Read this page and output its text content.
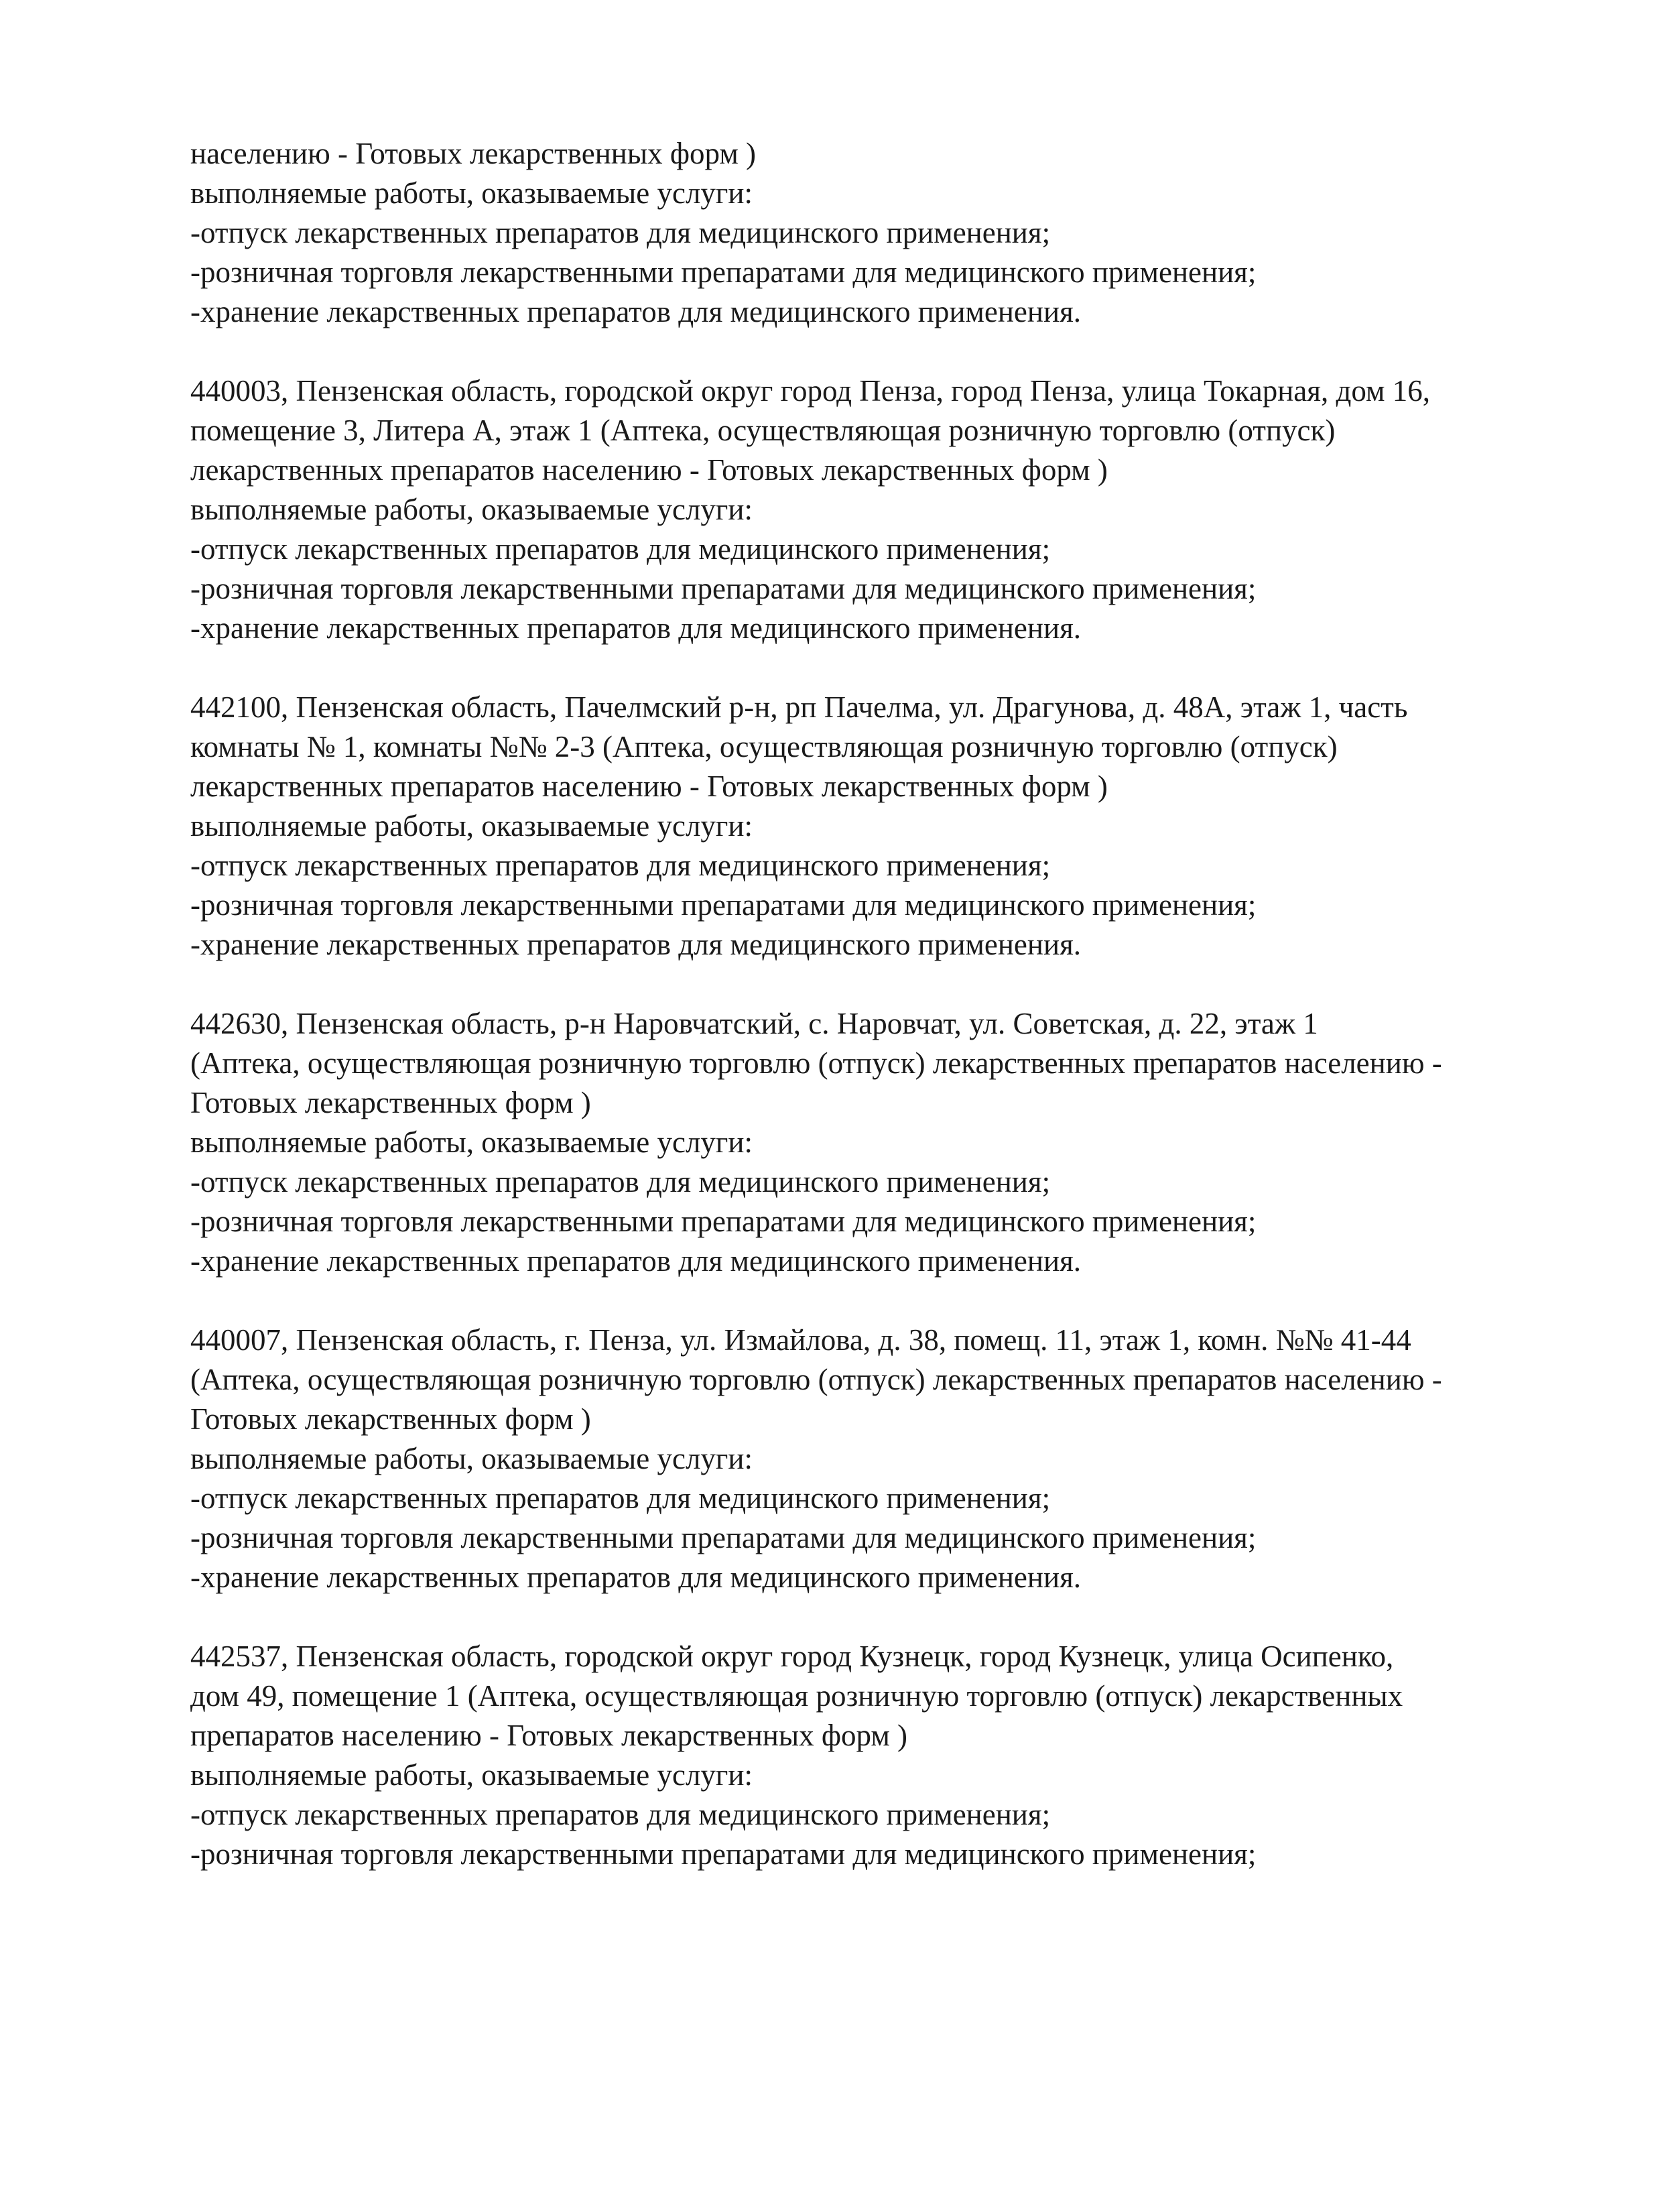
населению - Готовых лекарственных форм )
выполняемые работы, оказываемые услуги:
-отпуск лекарственных препаратов для медицинского применения;
-розничная торговля лекарственными препаратами для медицинского применения;
-хранение лекарственных препаратов для медицинского применения.
440003, Пензенская область, городской округ город Пенза, город Пенза, улица Токарная, дом 16,
помещение 3, Литера А, этаж 1 (Аптека, осуществляющая розничную торговлю (отпуск)
лекарственных препаратов населению - Готовых лекарственных форм )
выполняемые работы, оказываемые услуги:
-отпуск лекарственных препаратов для медицинского применения;
-розничная торговля лекарственными препаратами для медицинского применения;
-хранение лекарственных препаратов для медицинского применения.
442100, Пензенская область, Пачелмский р-н, рп Пачелма, ул. Драгунова, д. 48А, этаж 1, часть
комнаты № 1, комнаты №№ 2-3 (Аптека, осуществляющая розничную торговлю (отпуск)
лекарственных препаратов населению - Готовых лекарственных форм )
выполняемые работы, оказываемые услуги:
-отпуск лекарственных препаратов для медицинского применения;
-розничная торговля лекарственными препаратами для медицинского применения;
-хранение лекарственных препаратов для медицинского применения.
442630, Пензенская область, р-н Наровчатский, с. Наровчат, ул. Советская, д. 22, этаж 1
(Аптека, осуществляющая розничную торговлю (отпуск) лекарственных препаратов населению -
Готовых лекарственных форм )
выполняемые работы, оказываемые услуги:
-отпуск лекарственных препаратов для медицинского применения;
-розничная торговля лекарственными препаратами для медицинского применения;
-хранение лекарственных препаратов для медицинского применения.
440007, Пензенская область, г. Пенза, ул. Измайлова, д. 38, помещ. 11, этаж 1, комн. №№ 41-44
(Аптека, осуществляющая розничную торговлю (отпуск) лекарственных препаратов населению -
Готовых лекарственных форм )
выполняемые работы, оказываемые услуги:
-отпуск лекарственных препаратов для медицинского применения;
-розничная торговля лекарственными препаратами для медицинского применения;
-хранение лекарственных препаратов для медицинского применения.
442537, Пензенская область, городской округ город Кузнецк, город Кузнецк, улица Осипенко,
дом 49, помещение 1 (Аптека, осуществляющая розничную торговлю (отпуск) лекарственных
препаратов населению - Готовых лекарственных форм )
выполняемые работы, оказываемые услуги:
-отпуск лекарственных препаратов для медицинского применения;
-розничная торговля лекарственными препаратами для медицинского применения;
